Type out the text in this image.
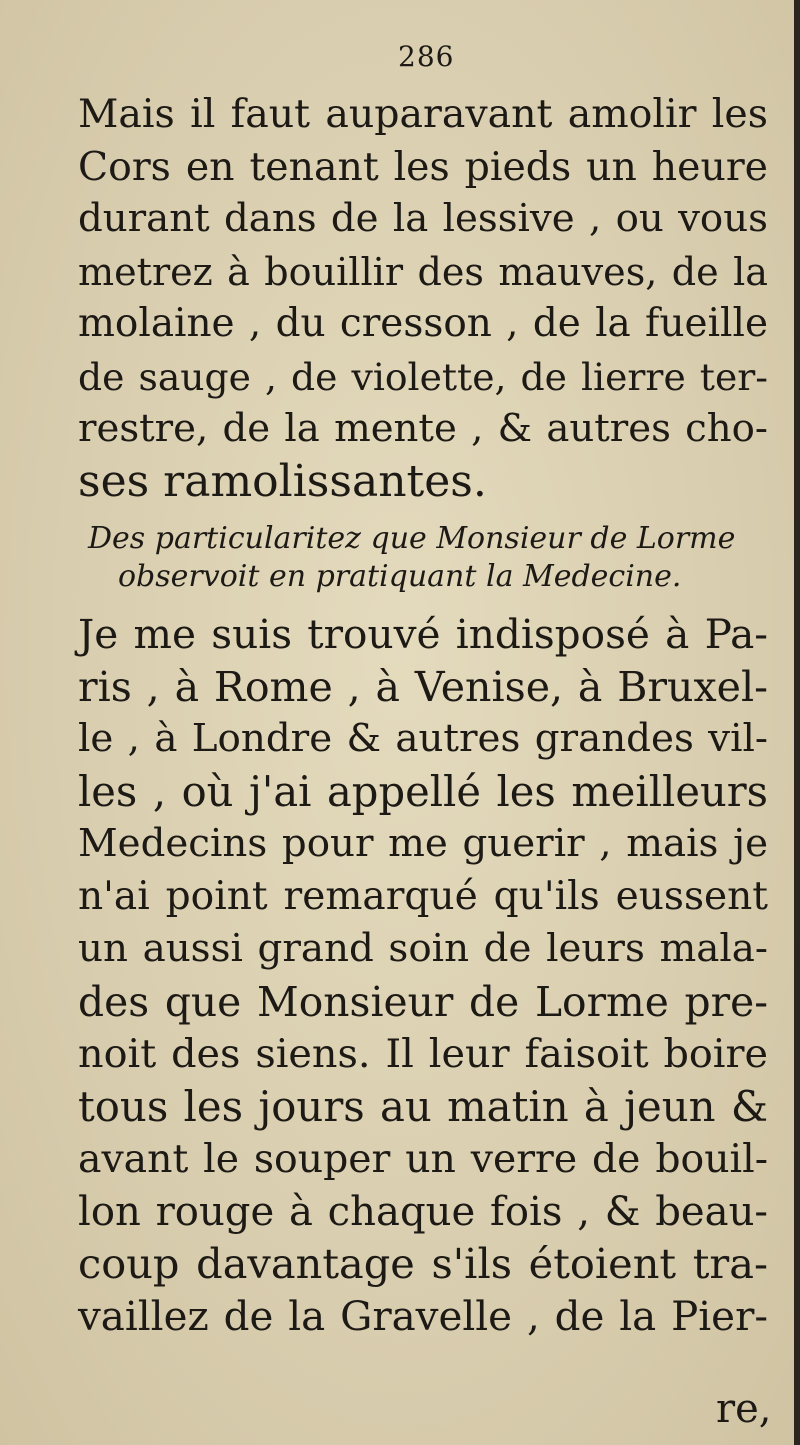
286
Mais il faut auparavant amolir les
Cors en tenant les pieds un heure
durant dans de la lessive , ou vous
metrez à bouillir des mauves, de la
molaine , du cresson , de la fueille
de sauge , de violette, de lierre ter-
restre, de la mente , & autres cho-
ses ramolissantes.
Des particularitez que Monsieur de Lorme
observoit en pratiquant la Medecine.
Je me suis trouvé indisposé à Pa-
ris , à Rome , à Venise, à Bruxel-
le , à Londre & autres grandes vil-
les , où j'ai appellé les meilleurs
Medecins pour me guerir , mais je
n'ai point remarqué qu'ils eussent
un aussi grand soin de leurs mala-
des que Monsieur de Lorme pre-
noit des siens. Il leur faisoit boire
tous les jours au matin à jeun &
avant le souper un verre de bouil-
lon rouge à chaque fois , & beau-
coup davantage s'ils étoient tra-
vaillez de la Gravelle , de la Pier-
re,
